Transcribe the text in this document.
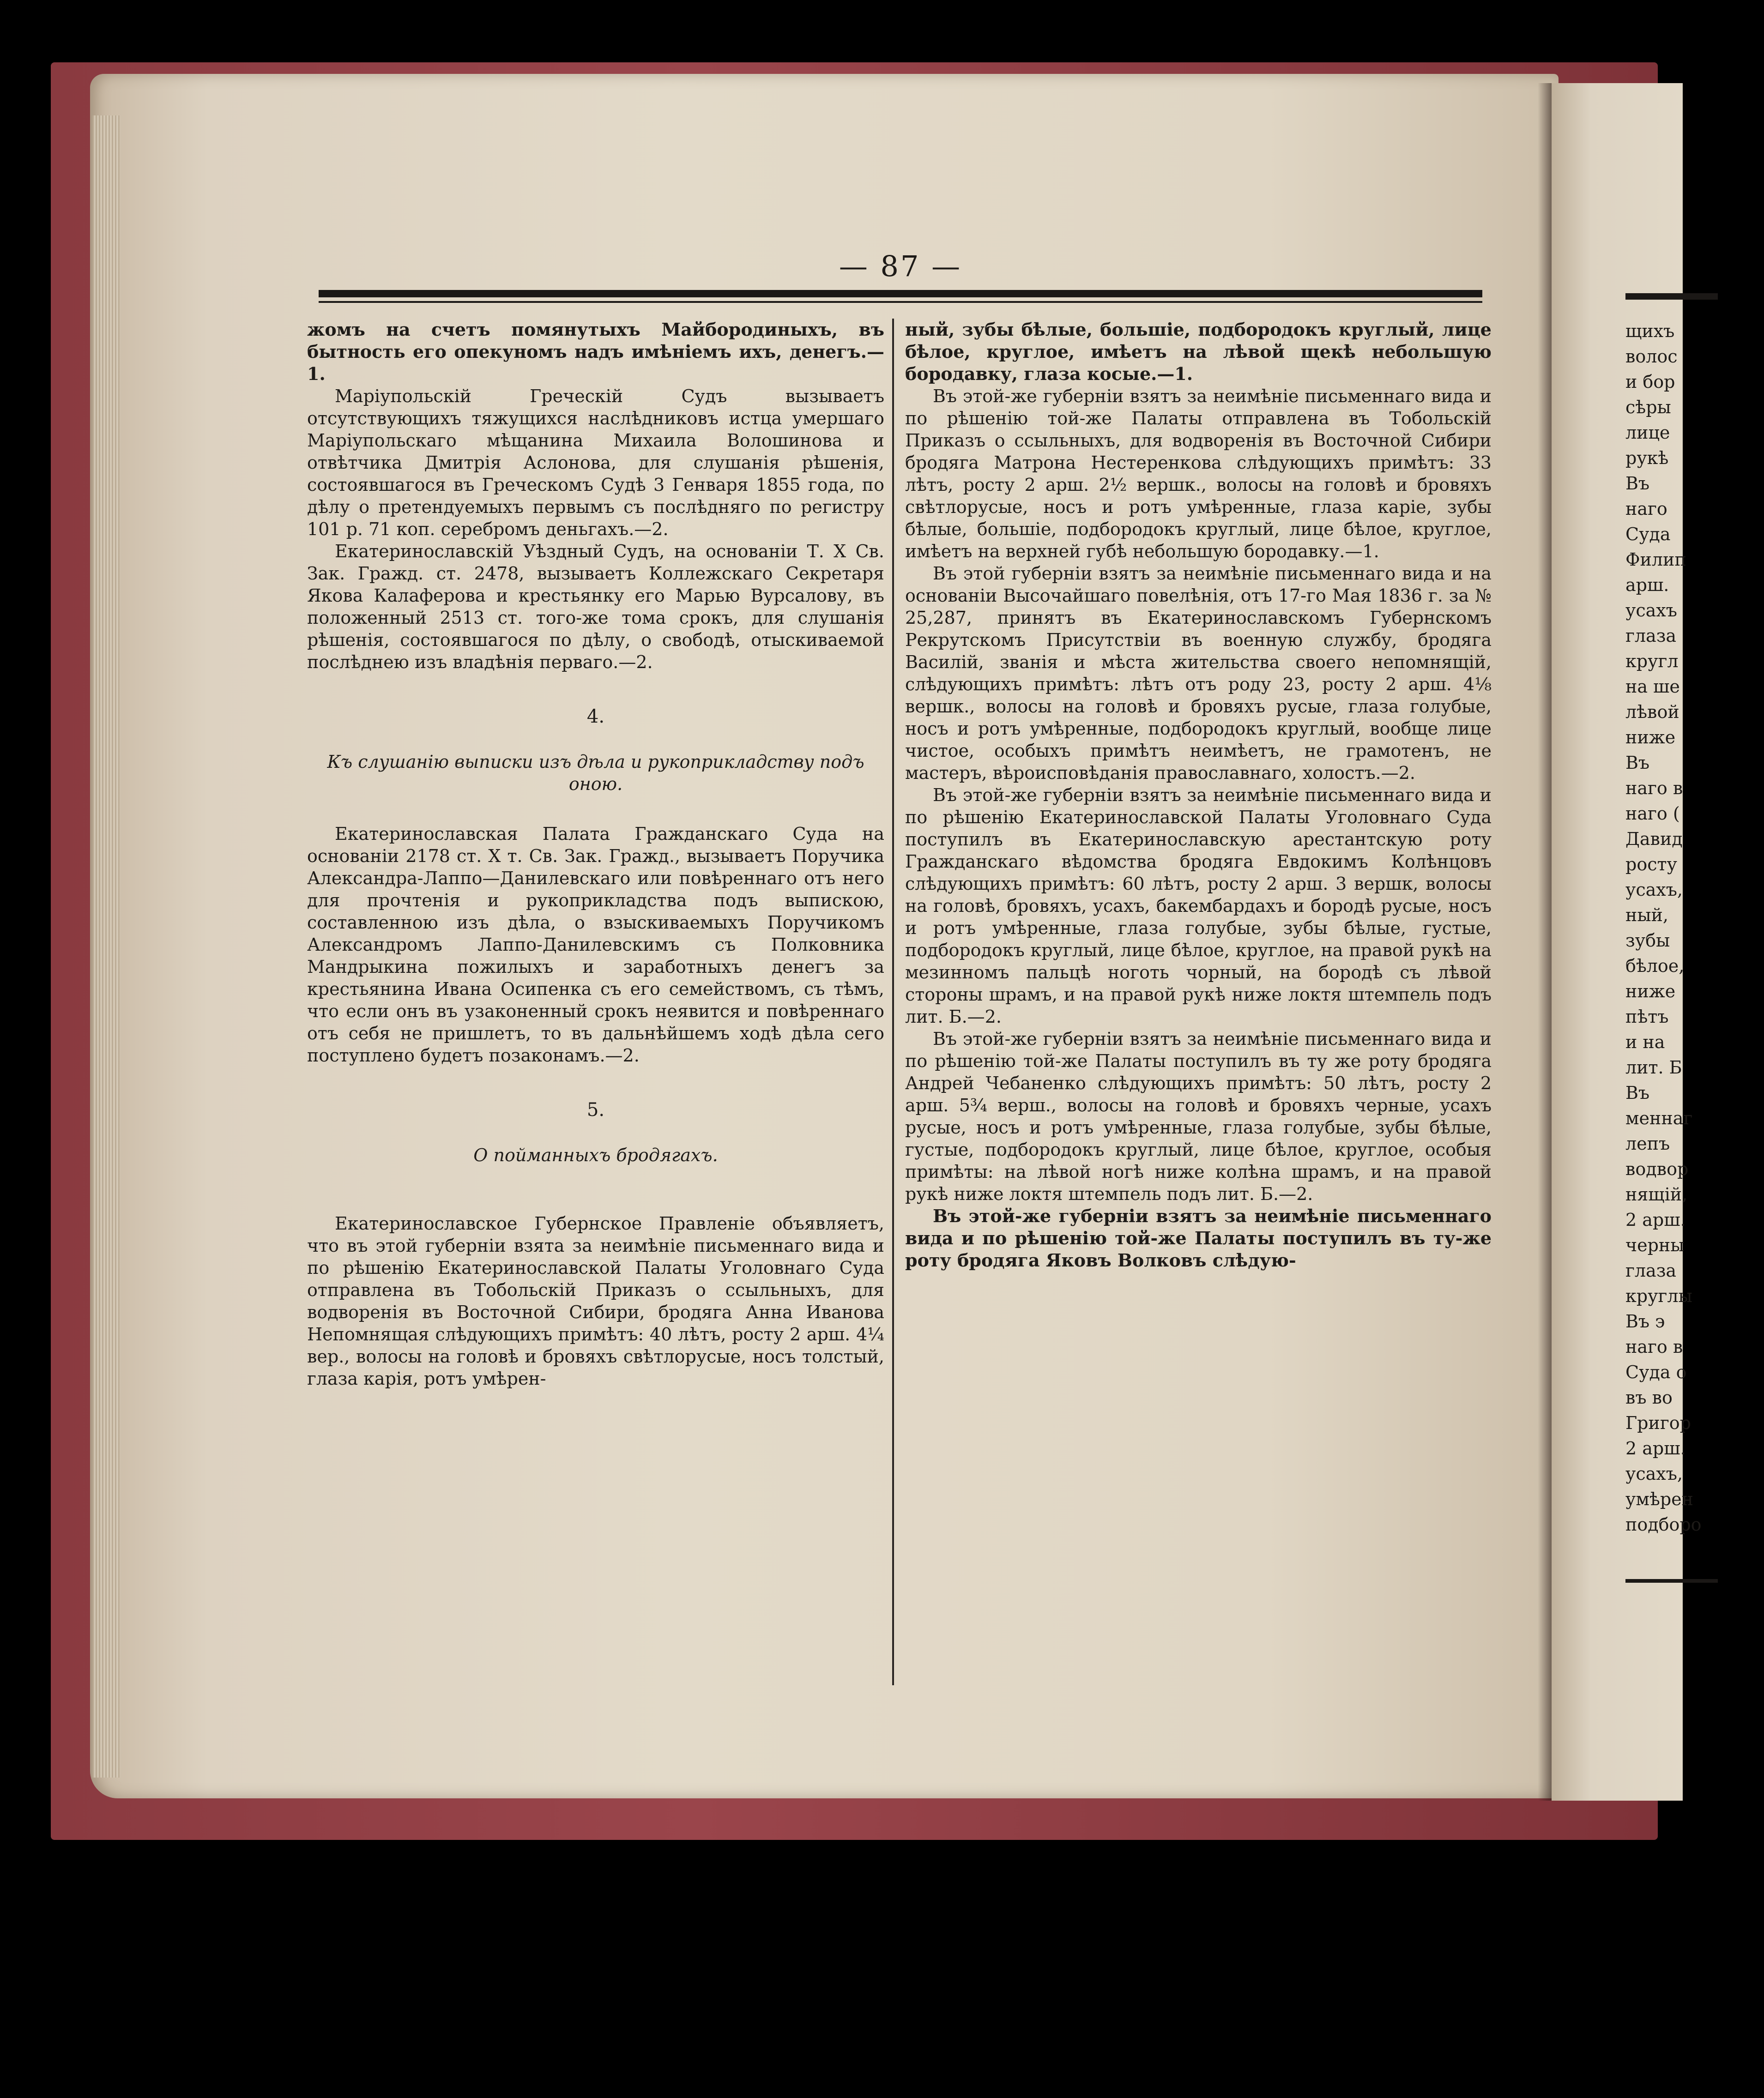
щихъ
волос
и бор
сѣры
лице
рукѣ
Въ
наго
Суда
Филип
арш.
усахъ
глаза
кругл
на ше
лѣвой
ниже
Въ
наго в
наго (
Давид
росту
усахъ,
ный,
зубы
бѣлое,
ниже
пѣтъ
и на
лит. Б
Въ
меннаг
лепъ
водвор
нящій,
2 арш.
черны
глаза
круглы
Въ э
наго в
Суда о
въ во
Григор
2 арш.
усахъ,
умѣрен
подборо
— 87 —

жомъ на счетъ помянутыхъ Майбородиныхъ, въ бытность его опекуномъ надъ имѣніемъ ихъ, денегъ.—1.

Маріупольскій Греческій Судъ вызываетъ отсутствующихъ тяжущихся наслѣдниковъ истца умершаго Маріупольскаго мѣщанина Михаила Волошинова и отвѣтчика Дмитрія Аслонова, для слушанія рѣшенія, состоявшагося въ Греческомъ Судѣ 3 Генваря 1855 года, по дѣлу о претендуемыхъ первымъ съ послѣдняго по регистру 101 р. 71 коп. серебромъ деньгахъ.—2.

Екатеринославскій Уѣздный Судъ, на основаніи Т. X Св. Зак. Гражд. ст. 2478, вызываетъ Коллежскаго Секретаря Якова Калаферова и крестьянку его Марью Вурсалову, въ положенный 2513 ст. того-же тома срокъ, для слушанія рѣшенія, состоявшагося по дѣлу, о свободѣ, отыскиваемой послѣднею изъ владѣнія перваго.—2.

4.
Къ слушанію выписки изъ дѣла и рукоприкладству подъ оною.

Екатеринославская Палата Гражданскаго Суда на основаніи 2178 ст. X т. Св. Зак. Гражд., вызываетъ Поручика Александра-Лаппо—Данилевскаго или повѣреннаго отъ него для прочтенія и рукоприкладства подъ выпискою, составленною изъ дѣла, о взыскиваемыхъ Поручикомъ Александромъ Лаппо-Данилевскимъ съ Полковника Мандрыкина пожилыхъ и заработныхъ денегъ за крестьянина Ивана Осипенка съ его семействомъ, съ тѣмъ, что если онъ въ узаконенный срокъ неявится и повѣреннаго отъ себя не пришлетъ, то въ дальнѣйшемъ ходѣ дѣла сего поступлено будетъ позаконамъ.—2.

5.
О пойманныхъ бродягахъ.

Екатеринославское Губернское Правленіе объявляетъ, что въ этой губерніи взята за неимѣніе письменнаго вида и по рѣшенію Екатеринославской Палаты Уголовнаго Суда отправлена въ Тобольскій Приказъ о ссыльныхъ, для водворенія въ Восточной Сибири, бродяга Анна Иванова Непомнящая слѣдующихъ примѣтъ: 40 лѣтъ, росту 2 арш. 4¼ вер., волосы на головѣ и бровяхъ свѣтлорусые, носъ толстый, глаза карія, ротъ умѣрен-

ный, зубы бѣлые, большіе, подбородокъ круглый, лице бѣлое, круглое, имѣетъ на лѣвой щекѣ небольшую бородавку, глаза косые.—1.

Въ этой-же губерніи взятъ за неимѣніе письменнаго вида и по рѣшенію той-же Палаты отправлена въ Тобольскій Приказъ о ссыльныхъ, для водворенія въ Восточной Сибири бродяга Матрона Нестеренкова слѣдующихъ примѣтъ: 33 лѣтъ, росту 2 арш. 2½ вершк., волосы на головѣ и бровяхъ свѣтлорусые, носъ и ротъ умѣренные, глаза каріе, зубы бѣлые, большіе, подбородокъ круглый, лице бѣлое, круглое, имѣетъ на верхней губѣ небольшую бородавку.—1.

Въ этой губерніи взятъ за неимѣніе письменнаго вида и на основаніи Высочайшаго повелѣнія, отъ 17-го Мая 1836 г. за № 25,287, принятъ въ Екатеринославскомъ Губернскомъ Рекрутскомъ Присутствіи въ военную службу, бродяга Василій, званія и мѣста жительства своего непомнящій, слѣдующихъ примѣтъ: лѣтъ отъ роду 23, росту 2 арш. 4⅛ вершк., волосы на головѣ и бровяхъ русые, глаза голубые, носъ и ротъ умѣренные, подбородокъ круглый, вообще лице чистое, особыхъ примѣтъ неимѣетъ, не грамотенъ, не мастеръ, вѣроисповѣданія православнаго, холостъ.—2.

Въ этой-же губерніи взятъ за неимѣніе письменнаго вида и по рѣшенію Екатеринославской Палаты Уголовнаго Суда поступилъ въ Екатеринославскую арестантскую роту Гражданскаго вѣдомства бродяга Евдокимъ Колѣнцовъ слѣдующихъ примѣтъ: 60 лѣтъ, росту 2 арш. 3 вершк, волосы на головѣ, бровяхъ, усахъ, бакембардахъ и бородѣ русые, носъ и ротъ умѣренные, глаза голубые, зубы бѣлые, густые, подбородокъ круглый, лице бѣлое, круглое, на правой рукѣ на мезинномъ пальцѣ ноготь чорный, на бородѣ съ лѣвой стороны шрамъ, и на правой рукѣ ниже локтя штемпель подъ лит. Б.—2.

Въ этой-же губерніи взятъ за неимѣніе письменнаго вида и по рѣшенію той-же Палаты поступилъ въ ту же роту бродяга Андрей Чебаненко слѣдующихъ примѣтъ: 50 лѣтъ, росту 2 арш. 5¾ верш., волосы на головѣ и бровяхъ черные, усахъ русые, носъ и ротъ умѣренные, глаза голубые, зубы бѣлые, густые, подбородокъ круглый, лице бѣлое, круглое, особыя примѣты: на лѣвой ногѣ ниже колѣна шрамъ, и на правой рукѣ ниже локтя штемпель подъ лит. Б.—2.

Въ этой-же губерніи взятъ за неимѣніе письменнаго вида и по рѣшенію той-же Палаты поступилъ въ ту-же роту бродяга Яковъ Волковъ слѣдую-
